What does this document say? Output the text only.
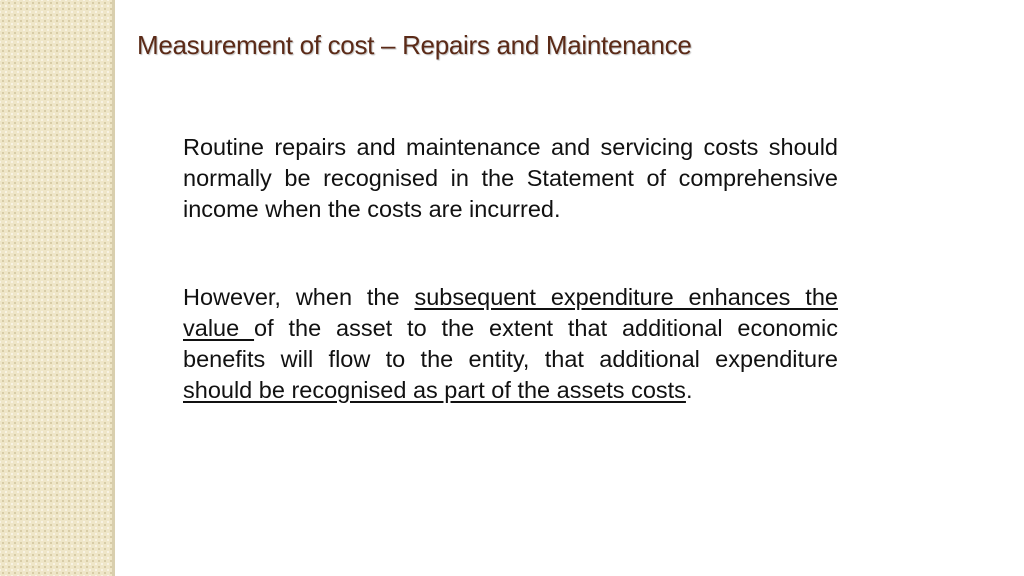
Measurement of cost – Repairs and Maintenance

Routine repairs and maintenance and servicing costs should normally be recognised in the Statement of comprehensive income when the costs are incurred.

However, when the subsequent expenditure enhances the value of the asset to the extent that additional economic benefits will flow to the entity, that additional expenditure should be recognised as part of the assets costs.
